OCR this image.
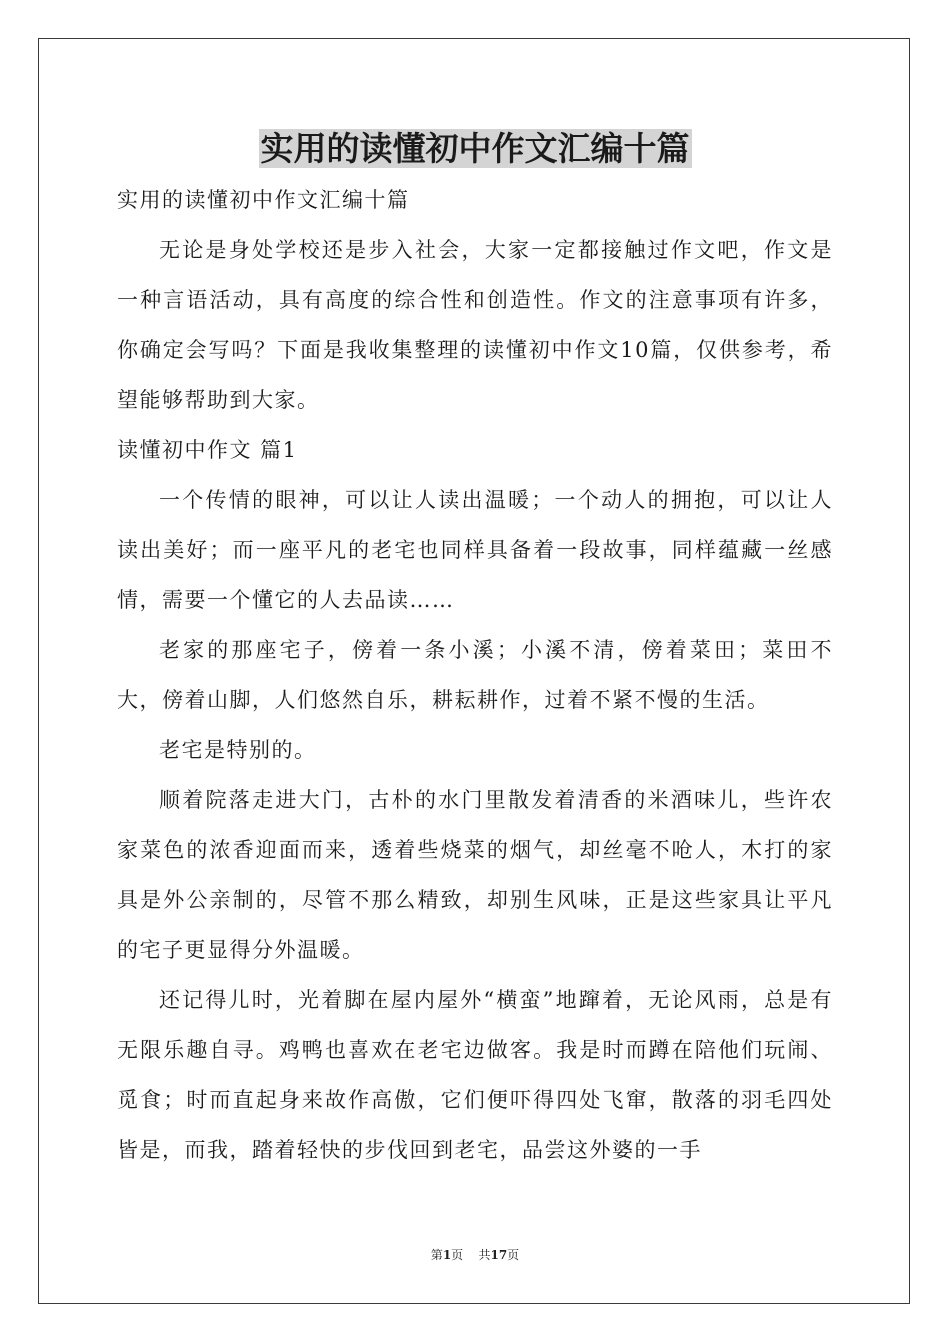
实用的读懂初中作文汇编十篇

实用的读懂初中作文汇编十篇

无论是身处学校还是步入社会，大家一定都接触过作文吧，作文是一种言语活动，具有高度的综合性和创造性。作文的注意事项有许多，你确定会写吗？下面是我收集整理的读懂初中作文10篇，仅供参考，希望能够帮助到大家。

读懂初中作文 篇1

一个传情的眼神，可以让人读出温暖；一个动人的拥抱，可以让人读出美好；而一座平凡的老宅也同样具备着一段故事，同样蕴藏一丝感情，需要一个懂它的人去品读……

老家的那座宅子，傍着一条小溪；小溪不清，傍着菜田；菜田不大，傍着山脚，人们悠然自乐，耕耘耕作，过着不紧不慢的生活。

老宅是特别的。

顺着院落走进大门，古朴的水门里散发着清香的米酒味儿，些许农家菜色的浓香迎面而来，透着些烧菜的烟气，却丝毫不呛人，木打的家具是外公亲制的，尽管不那么精致，却别生风味，正是这些家具让平凡的宅子更显得分外温暖。

还记得儿时，光着脚在屋内屋外“横蛮”地蹿着，无论风雨，总是有无限乐趣自寻。鸡鸭也喜欢在老宅边做客。我是时而蹲在陪他们玩闹、觅食；时而直起身来故作高傲，它们便吓得四处飞窜，散落的羽毛四处皆是，而我，踏着轻快的步伐回到老宅，品尝这外婆的一手

第1页 共17页
